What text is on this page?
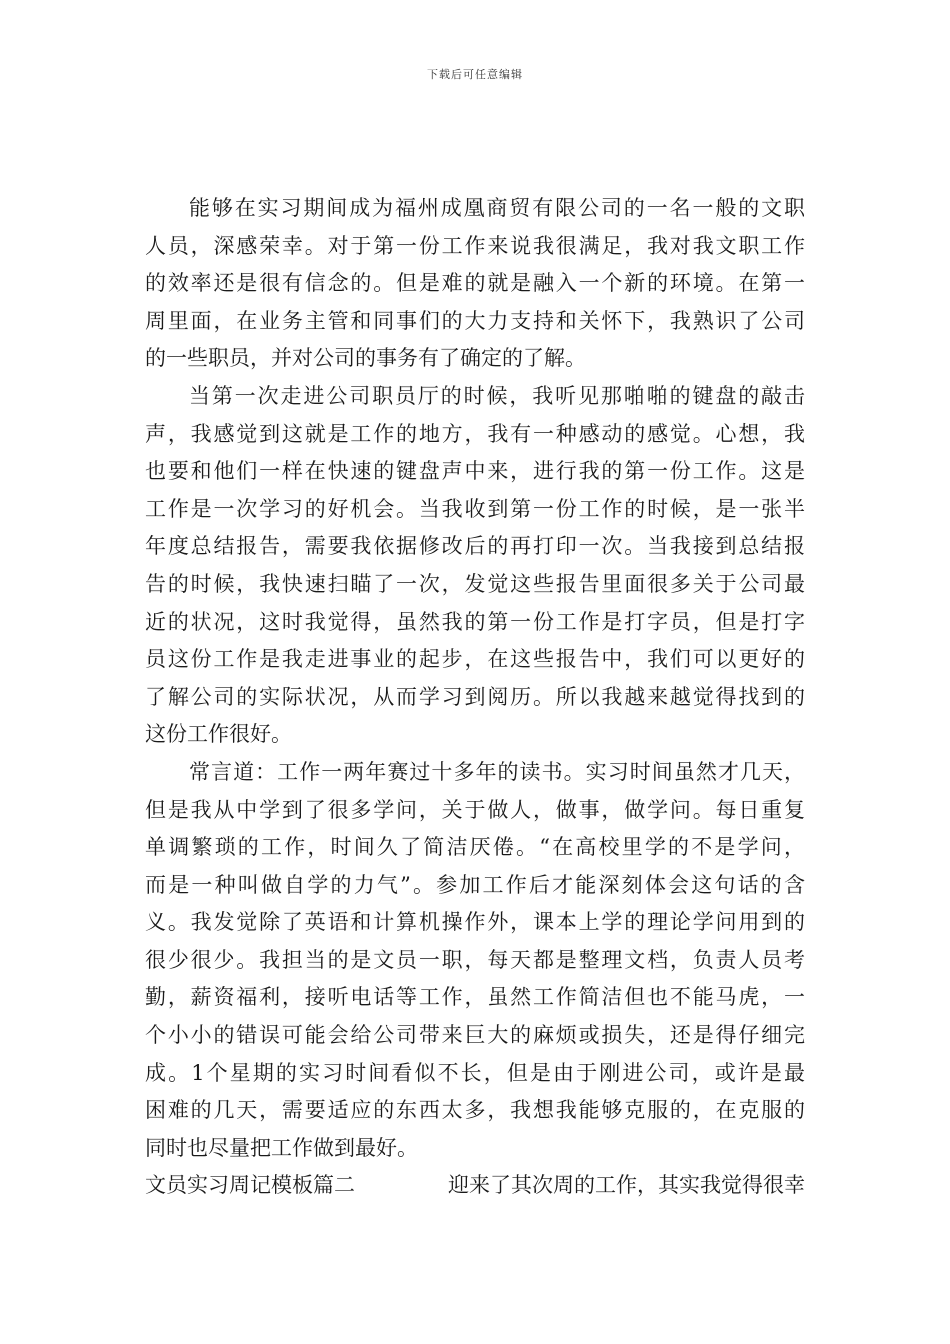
下载后可任意编辑
能够在实习期间成为福州成凰商贸有限公司的一名一般的文职
人员，深感荣幸。对于第一份工作来说我很满足，我对我文职工作
的效率还是很有信念的。但是难的就是融入一个新的环境。在第一
周里面，在业务主管和同事们的大力支持和关怀下，我熟识了公司
的一些职员，并对公司的事务有了确定的了解。
当第一次走进公司职员厅的时候，我听见那啪啪的键盘的敲击
声，我感觉到这就是工作的地方，我有一种感动的感觉。心想，我
也要和他们一样在快速的键盘声中来，进行我的第一份工作。这是
工作是一次学习的好机会。当我收到第一份工作的时候，是一张半
年度总结报告，需要我依据修改后的再打印一次。当我接到总结报
告的时候，我快速扫瞄了一次，发觉这些报告里面很多关于公司最
近的状况，这时我觉得，虽然我的第一份工作是打字员，但是打字
员这份工作是我走进事业的起步，在这些报告中，我们可以更好的
了解公司的实际状况，从而学习到阅历。所以我越来越觉得找到的
这份工作很好。
常言道：工作一两年赛过十多年的读书。实习时间虽然才几天，
但是我从中学到了很多学问，关于做人，做事，做学问。每日重复
单调繁琐的工作，时间久了简洁厌倦。“在高校里学的不是学问，
而是一种叫做自学的力气”。参加工作后才能深刻体会这句话的含
义。我发觉除了英语和计算机操作外，课本上学的理论学问用到的
很少很少。我担当的是文员一职，每天都是整理文档，负责人员考
勤，薪资福利，接听电话等工作，虽然工作简洁但也不能马虎，一
个小小的错误可能会给公司带来巨大的麻烦或损失，还是得仔细完
成。1个星期的实习时间看似不长，但是由于刚进公司，或许是最
困难的几天，需要适应的东西太多，我想我能够克服的，在克服的
同时也尽量把工作做到最好。
文员实习周记模板篇二	迎来了其次周的工作，其实我觉得很幸
